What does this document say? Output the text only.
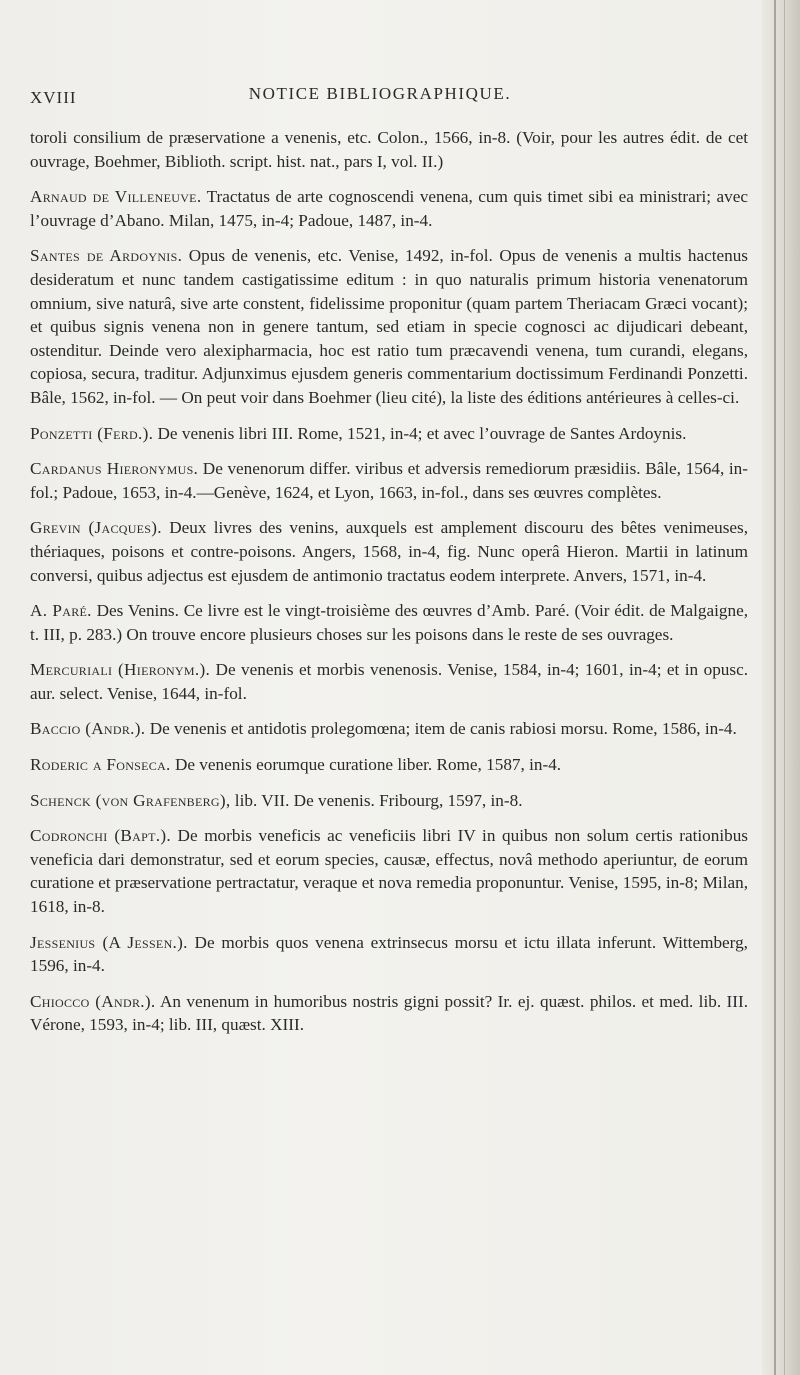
XVIII	NOTICE BIBLIOGRAPHIQUE.

toroli consilium de præservatione a venenis, etc. Colon., 1566, in-8. (Voir, pour les autres édit. de cet ouvrage, Boehmer, Biblioth. script. hist. nat., pars I, vol. II.)

Arnaud de Villeneuve. Tractatus de arte cognoscendi venena, cum quis timet sibi ea ministrari; avec l’ouvrage d’Abano. Milan, 1475, in-4; Padoue, 1487, in-4.

Santes de Ardoynis. Opus de venenis, etc. Venise, 1492, in-fol. Opus de venenis a multis hactenus desideratum et nunc tandem castigatissime editum : in quo naturalis primum historia venenatorum omnium, sive naturâ, sive arte constent, fidelissime proponitur (quam partem Theriacam Græci vocant); et quibus signis venena non in genere tantum, sed etiam in specie cognosci ac dijudicari debeant, ostenditur. Deinde vero alexipharmacia, hoc est ratio tum præcavendi venena, tum curandi, elegans, copiosa, secura, traditur. Adjunximus ejusdem generis commentarium doctissimum Ferdinandi Ponzetti. Bâle, 1562, in-fol. — On peut voir dans Boehmer (lieu cité), la liste des éditions antérieures à celles-ci.

Ponzetti (Ferd.). De venenis libri III. Rome, 1521, in-4; et avec l’ouvrage de Santes Ardoynis.

Cardanus Hieronymus. De venenorum differ. viribus et adversis remediorum præsidiis. Bâle, 1564, in-fol.; Padoue, 1653, in-4.—Genève, 1624, et Lyon, 1663, in-fol., dans ses œuvres complètes.

Grevin (Jacques). Deux livres des venins, auxquels est amplement discouru des bêtes venimeuses, thériaques, poisons et contre-poisons. Angers, 1568, in-4, fig. Nunc operâ Hieron. Martii in latinum conversi, quibus adjectus est ejusdem de antimonio tractatus eodem interprete. Anvers, 1571, in-4.

A. Paré. Des Venins. Ce livre est le vingt-troisième des œuvres d’Amb. Paré. (Voir édit. de Malgaigne, t. III, p. 283.) On trouve encore plusieurs choses sur les poisons dans le reste de ses ouvrages.

Mercuriali (Hieronym.). De venenis et morbis venenosis. Venise, 1584, in-4; 1601, in-4; et in opusc. aur. select. Venise, 1644, in-fol.

Baccio (Andr.). De venenis et antidotis prolegomœna; item de canis rabiosi morsu. Rome, 1586, in-4.

Roderic a Fonseca. De venenis eorumque curatione liber. Rome, 1587, in-4.

Schenck (von Grafenberg), lib. VII. De venenis. Fribourg, 1597, in-8.

Codronchi (Bapt.). De morbis veneficis ac veneficiis libri IV in quibus non solum certis rationibus veneficia dari demonstratur, sed et eorum species, causæ, effectus, novâ methodo aperiuntur, de eorum curatione et præservatione pertractatur, veraque et nova remedia proponuntur. Venise, 1595, in-8; Milan, 1618, in-8.

Jessenius (A Jessen.). De morbis quos venena extrinsecus morsu et ictu illata inferunt. Wittemberg, 1596, in-4.

Chiocco (Andr.). An venenum in humoribus nostris gigni possit? Ir. ej. quæst. philos. et med. lib. III. Vérone, 1593, in-4; lib. III, quæst. XIII.
